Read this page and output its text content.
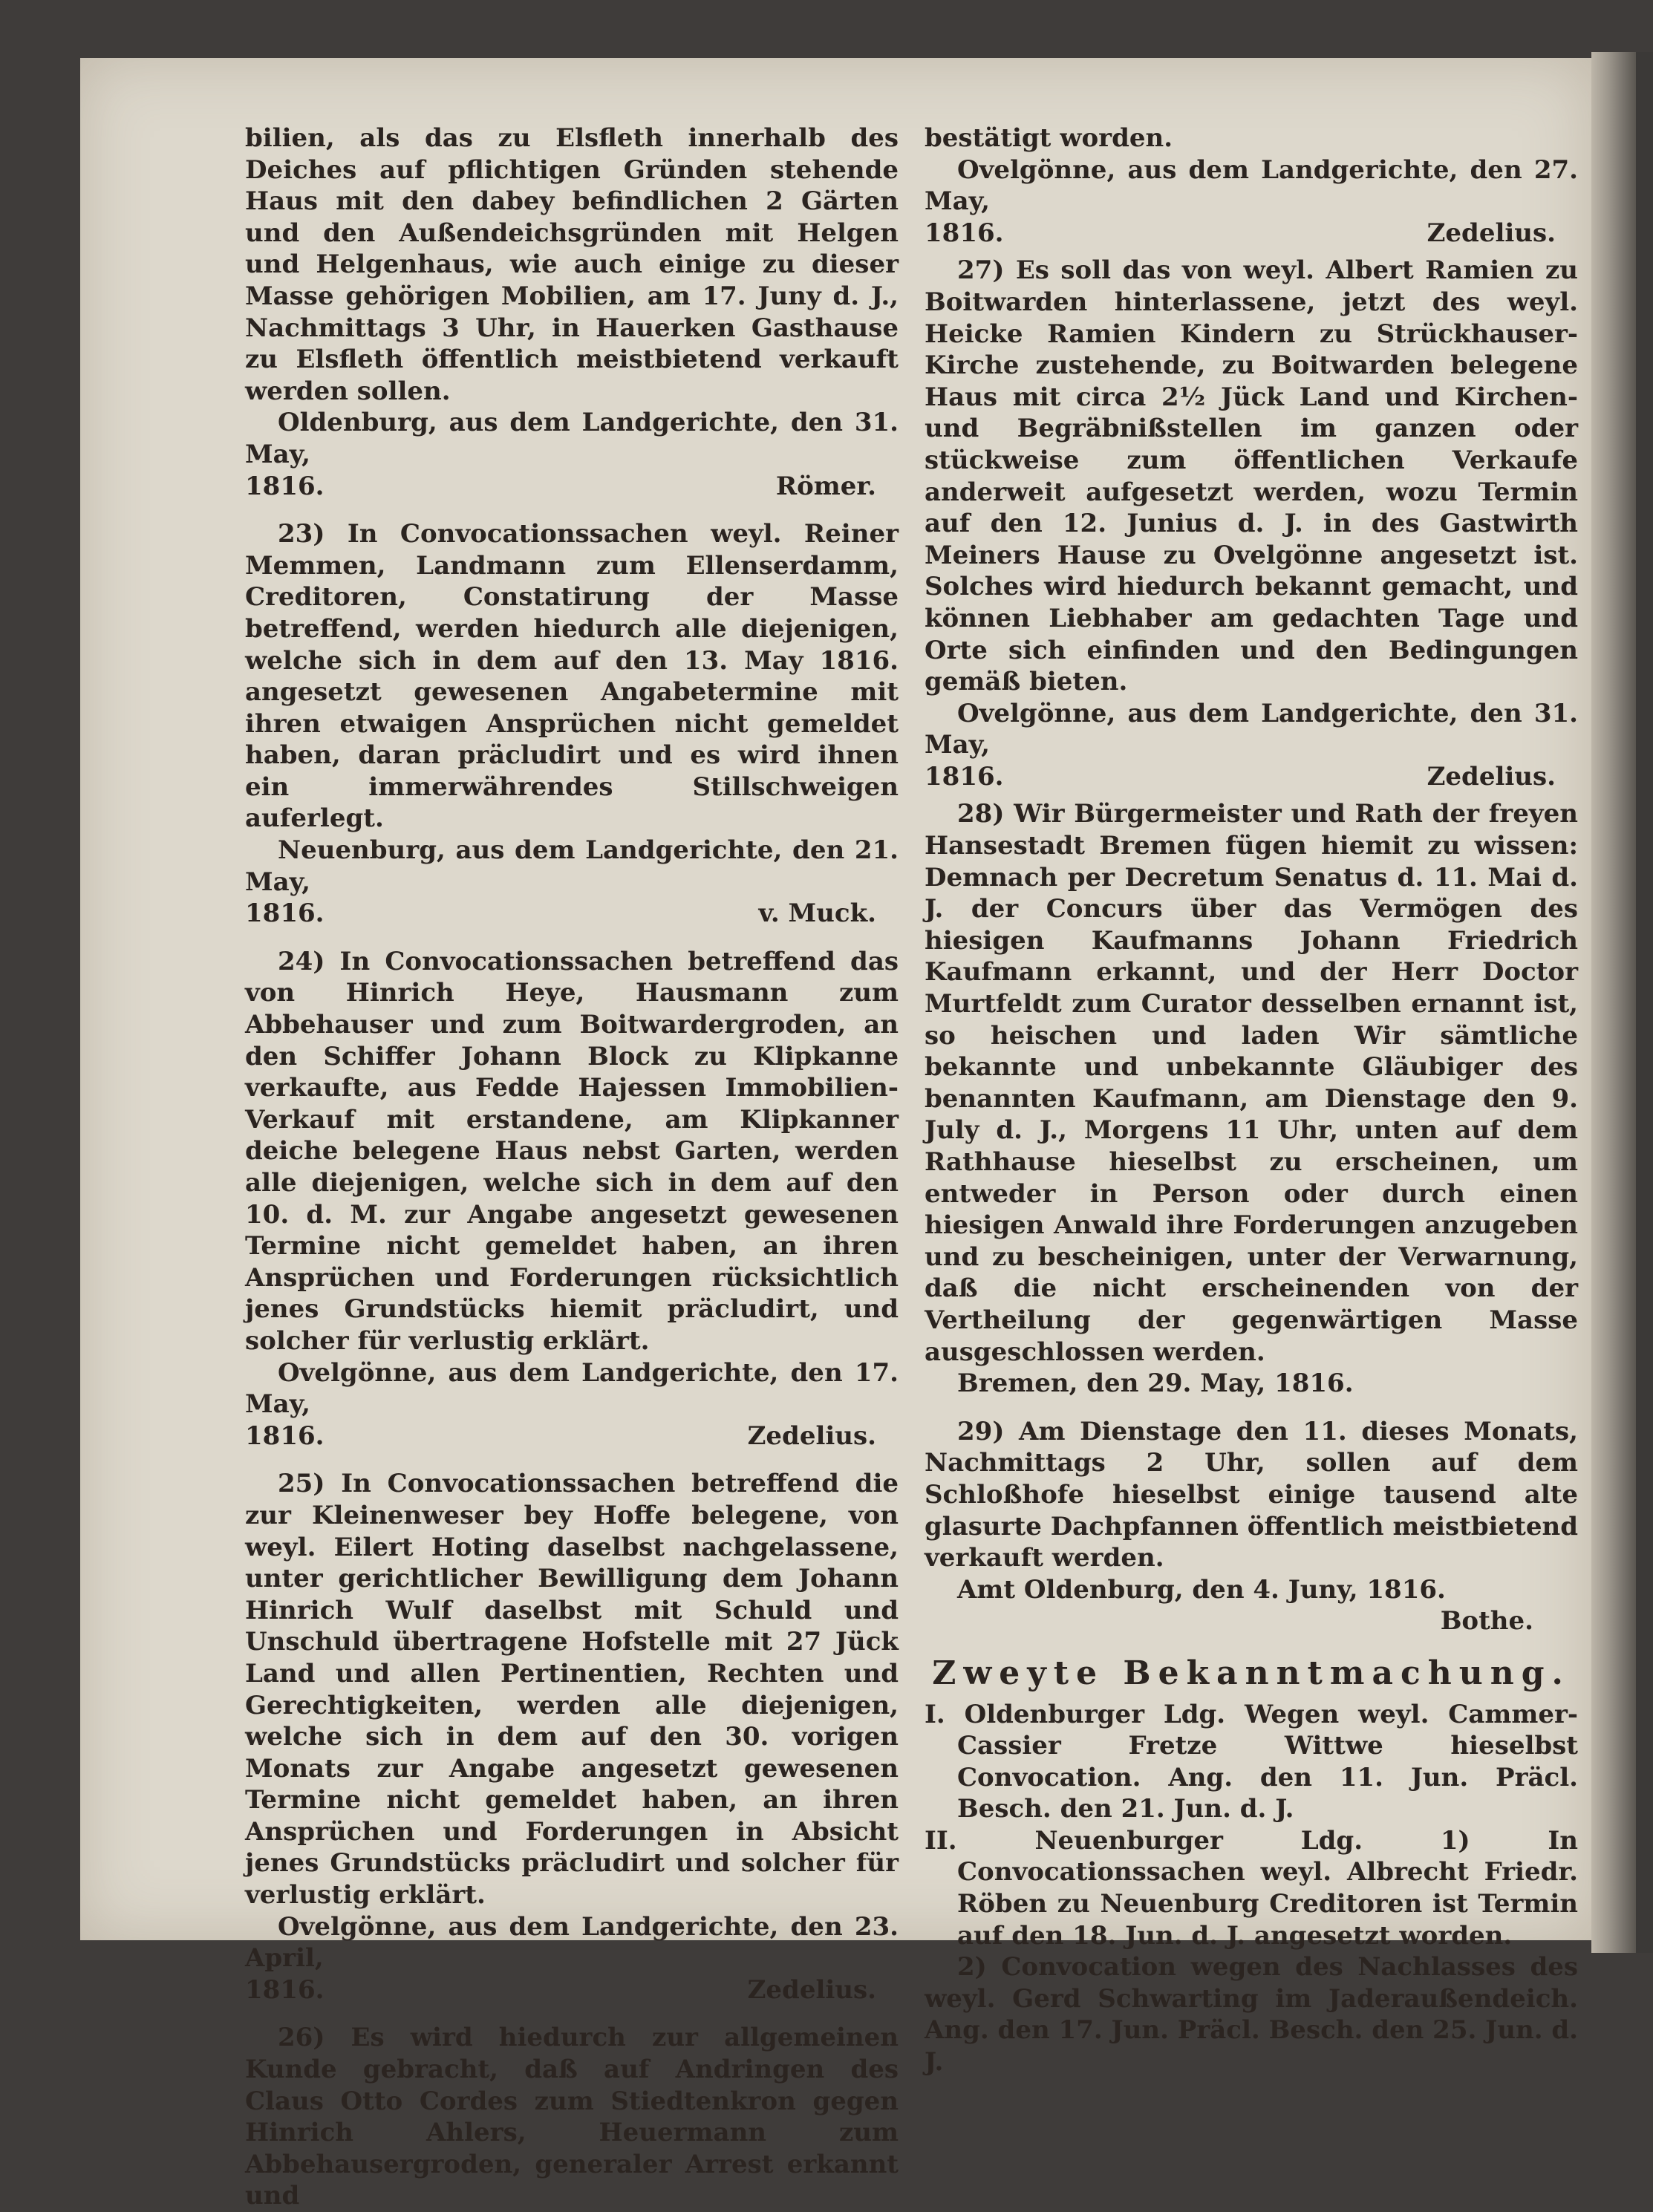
bilien, als das zu Elsfleth innerhalb des Deiches auf pflichtigen Gründen stehende Haus mit den dabey befindlichen 2 Gärten und den Außendeichsgründen mit Helgen und Helgenhaus, wie auch einige zu dieser Masse gehörigen Mobilien, am 17. Juny d. J., Nachmittags 3 Uhr, in Hauerken Gasthause zu Elsfleth öffentlich meistbietend verkauft werden sollen.

Oldenburg, aus dem Landgerichte, den 31. May,

1816.	Römer.

23) In Convocationssachen weyl. Reiner Memmen, Landmann zum Ellenserdamm, Creditoren, Constatirung der Masse betreffend, werden hiedurch alle diejenigen, welche sich in dem auf den 13. May 1816. angesetzt gewesenen Angabetermine mit ihren etwaigen Ansprüchen nicht gemeldet haben, daran präcludirt und es wird ihnen ein immerwährendes Stillschweigen auferlegt.

Neuenburg, aus dem Landgerichte, den 21. May,

1816.	v. Muck.

24) In Convocationssachen betreffend das von Hinrich Heye, Hausmann zum Abbehauser und zum Boitwardergroden, an den Schiffer Johann Block zu Klipkanne verkaufte, aus Fedde Hajessen Immobilien-Verkauf mit erstandene, am Klipkanner deiche belegene Haus nebst Garten, werden alle diejenigen, welche sich in dem auf den 10. d. M. zur Angabe angesetzt gewesenen Termine nicht gemeldet haben, an ihren Ansprüchen und Forderungen rücksichtlich jenes Grundstücks hiemit präcludirt, und solcher für verlustig erklärt.

Ovelgönne, aus dem Landgerichte, den 17. May,

1816.	Zedelius.

25) In Convocationssachen betreffend die zur Kleinenweser bey Hoffe belegene, von weyl. Eilert Hoting daselbst nachgelassene, unter gerichtlicher Bewilligung dem Johann Hinrich Wulf daselbst mit Schuld und Unschuld übertragene Hofstelle mit 27 Jück Land und allen Pertinentien, Rechten und Gerechtigkeiten, werden alle diejenigen, welche sich in dem auf den 30. vorigen Monats zur Angabe angesetzt gewesenen Termine nicht gemeldet haben, an ihren Ansprüchen und Forderungen in Absicht jenes Grundstücks präcludirt und solcher für verlustig erklärt.

Ovelgönne, aus dem Landgerichte, den 23. April,

1816.	Zedelius.

26) Es wird hiedurch zur allgemeinen Kunde gebracht, daß auf Andringen des Claus Otto Cordes zum Stiedtenkron gegen Hinrich Ahlers, Heuermann zum Abbehausergroden, generaler Arrest erkannt und

bestätigt worden.

Ovelgönne, aus dem Landgerichte, den 27. May,

1816.	Zedelius.

27) Es soll das von weyl. Albert Ramien zu Boitwarden hinterlassene, jetzt des weyl. Heicke Ramien Kindern zu Strückhauser-Kirche zustehende, zu Boitwarden belegene Haus mit circa 2½ Jück Land und Kirchen- und Begräbnißstellen im ganzen oder stückweise zum öffentlichen Verkaufe anderweit aufgesetzt werden, wozu Termin auf den 12. Junius d. J. in des Gastwirth Meiners Hause zu Ovelgönne angesetzt ist. Solches wird hiedurch bekannt gemacht, und können Liebhaber am gedachten Tage und Orte sich einfinden und den Bedingungen gemäß bieten.

Ovelgönne, aus dem Landgerichte, den 31. May,

1816.	Zedelius.

28) Wir Bürgermeister und Rath der freyen Hansestadt Bremen fügen hiemit zu wissen: Demnach per Decretum Senatus d. 11. Mai d. J. der Concurs über das Vermögen des hiesigen Kaufmanns Johann Friedrich Kaufmann erkannt, und der Herr Doctor Murtfeldt zum Curator desselben ernannt ist, so heischen und laden Wir sämtliche bekannte und unbekannte Gläubiger des benannten Kaufmann, am Dienstage den 9. July d. J., Morgens 11 Uhr, unten auf dem Rathhause hieselbst zu erscheinen, um entweder in Person oder durch einen hiesigen Anwald ihre Forderungen anzugeben und zu bescheinigen, unter der Verwarnung, daß die nicht erscheinenden von der Vertheilung der gegenwärtigen Masse ausgeschlossen werden.

Bremen, den 29. May, 1816.

29) Am Dienstage den 11. dieses Monats, Nachmittags 2 Uhr, sollen auf dem Schloßhofe hieselbst einige tausend alte glasurte Dachpfannen öffentlich meistbietend verkauft werden.

Amt Oldenburg, den 4. Juny, 1816.

Bothe.
Zweyte Bekanntmachung.

I. Oldenburger Ldg. Wegen weyl. Cammer-Cassier Fretze Wittwe hieselbst Convocation. Ang. den 11. Jun. Präcl. Besch. den 21. Jun. d. J.

II. Neuenburger Ldg. 1) In Convocationssachen weyl. Albrecht Friedr. Röben zu Neuenburg Creditoren ist Termin auf den 18. Jun. d. J. angesetzt worden.

2) Convocation wegen des Nachlasses des weyl. Gerd Schwarting im Jaderaußendeich. Ang. den 17. Jun. Präcl. Besch. den 25. Jun. d. J.
